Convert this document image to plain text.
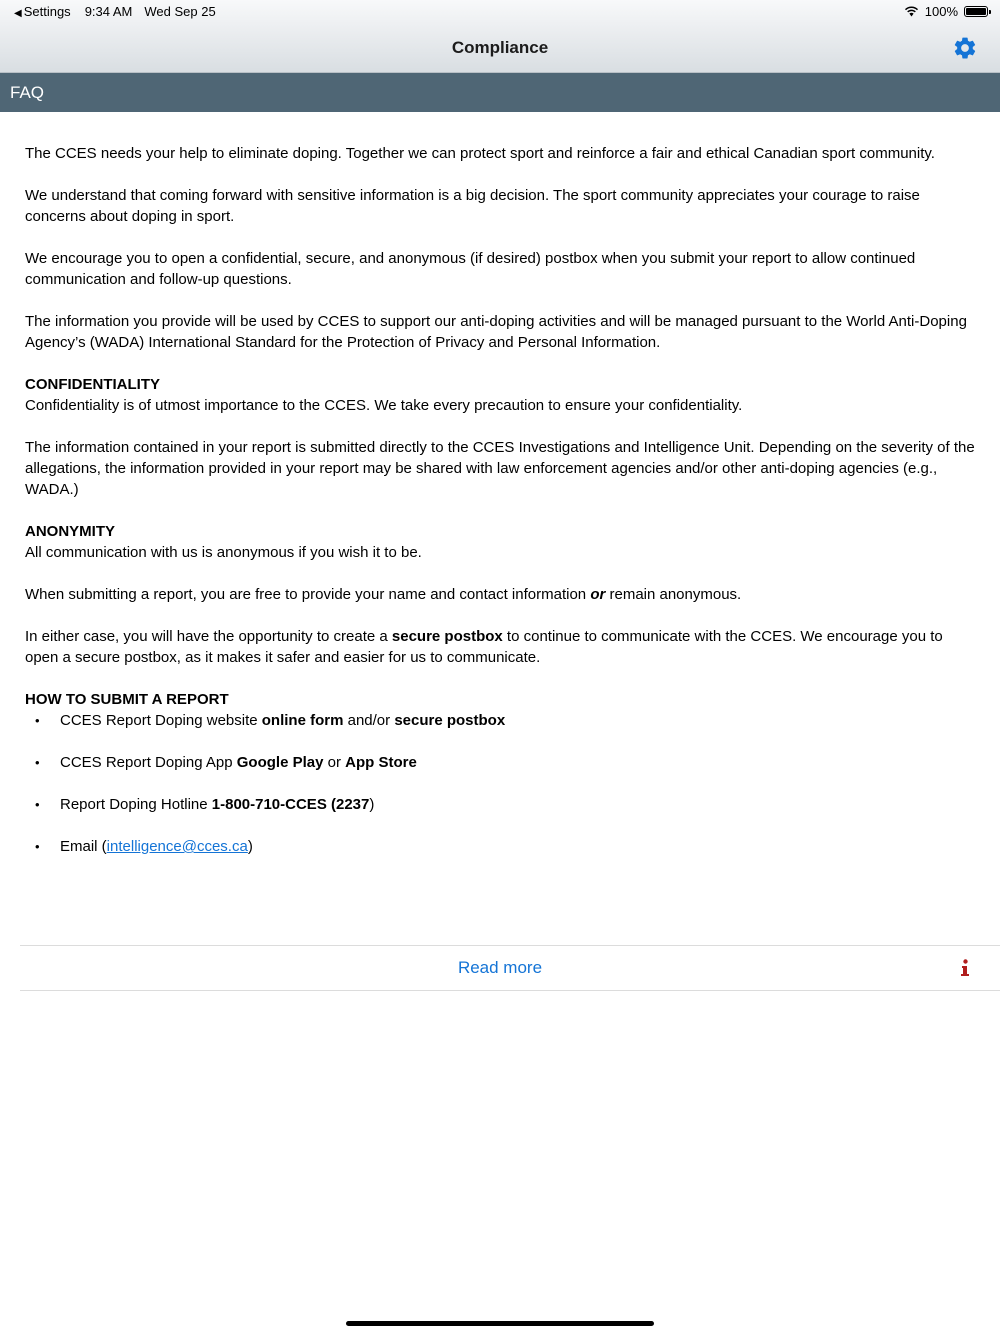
Compliance
◀ Settings 9:34 AM Wed Sep 25	100%
FAQ

The CCES needs your help to eliminate doping. Together we can protect sport and reinforce a fair and ethical Canadian sport community.

We understand that coming forward with sensitive information is a big decision. The sport community appreciates your courage to raise concerns about doping in sport.

We encourage you to open a confidential, secure, and anonymous (if desired) postbox when you submit your report to allow continued communication and follow-up questions.

The information you provide will be used by CCES to support our anti-doping activities and will be managed pursuant to the World Anti-Doping Agency’s (WADA) International Standard for the Protection of Privacy and Personal Information.

CONFIDENTIALITY
Confidentiality is of utmost importance to the CCES. We take every precaution to ensure your confidentiality.

The information contained in your report is submitted directly to the CCES Investigations and Intelligence Unit. Depending on the severity of the allegations, the information provided in your report may be shared with law enforcement agencies and/or other anti-doping agencies (e.g., WADA.)

ANONYMITY
All communication with us is anonymous if you wish it to be.

When submitting a report, you are free to provide your name and contact information or remain anonymous.

In either case, you will have the opportunity to create a secure postbox to continue to communicate with the CCES. We encourage you to open a secure postbox, as it makes it safer and easier for us to communicate.

HOW TO SUBMIT A REPORT
• CCES Report Doping website online form and/or secure postbox
• CCES Report Doping App Google Play or App Store
• Report Doping Hotline 1-800-710-CCES (2237)
• Email (intelligence@cces.ca)
Read more
